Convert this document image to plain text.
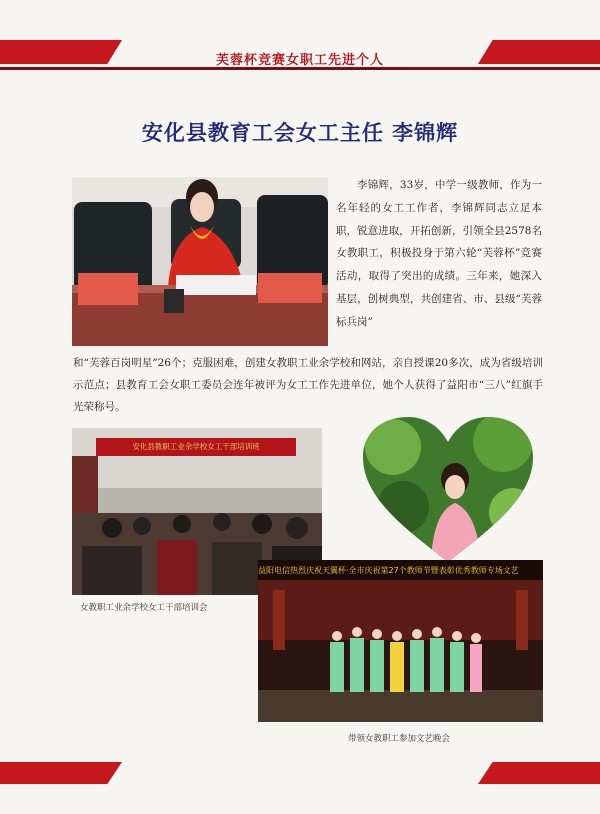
芙蓉杯竞赛女职工先进个人
安化县教育工会女工主任 李锦辉

李锦辉，33岁，中学一级教师，作为一名年轻的女工工作者，李锦辉同志立足本职，锐意进取，开拓创新，引领全县2578名女教职工，积极投身于第六轮“芙蓉杯”竞赛活动，取得了突出的成绩。三年来，她深入基层，创树典型，共创建省、市、县级“芙蓉标兵岗”

和“芙蓉百岗明星”26个；克服困难，创建女教职工业余学校和网站，亲自授课20多次，成为省级培训示范点；县教育工会女职工委员会连年被评为女工工作先进单位，她个人获得了益阳市“三八”红旗手光荣称号。

安化县教职工业余学校女工干部培训班
益阳电信热烈庆祝天翼杯·全市庆祝第27个教师节暨表彰优秀教师专场文艺
女教职工业余学校女工干部培训会
带领女教职工参加文艺晚会
